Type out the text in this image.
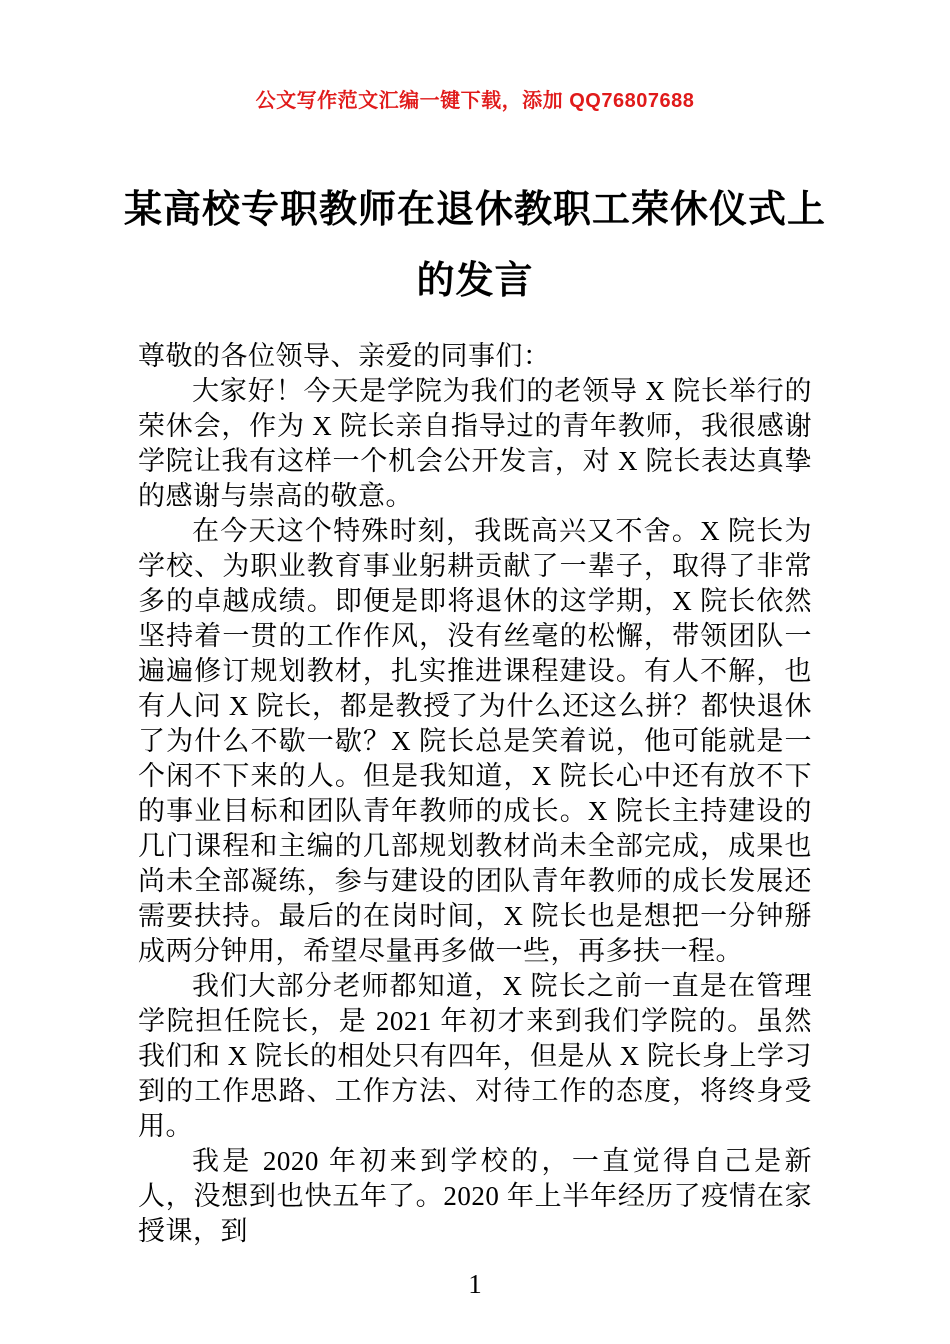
公文写作范文汇编一键下载，添加 QQ76807688
某高校专职教师在退休教职工荣休仪式上
的发言

尊敬的各位领导、亲爱的同事们：

大家好！今天是学院为我们的老领导 X 院长举行的荣休会，作为 X 院长亲自指导过的青年教师，我很感谢学院让我有这样一个机会公开发言，对 X 院长表达真挚的感谢与崇高的敬意。

在今天这个特殊时刻，我既高兴又不舍。X 院长为学校、为职业教育事业躬耕贡献了一辈子，取得了非常多的卓越成绩。即便是即将退休的这学期，X 院长依然坚持着一贯的工作作风，没有丝毫的松懈，带领团队一遍遍修订规划教材，扎实推进课程建设。有人不解，也有人问 X 院长，都是教授了为什么还这么拼？都快退休了为什么不歇一歇？X 院长总是笑着说，他可能就是一个闲不下来的人。但是我知道，X 院长心中还有放不下的事业目标和团队青年教师的成长。X 院长主持建设的几门课程和主编的几部规划教材尚未全部完成，成果也尚未全部凝练，参与建设的团队青年教师的成长发展还需要扶持。最后的在岗时间，X 院长也是想把一分钟掰成两分钟用，希望尽量再多做一些，再多扶一程。

我们大部分老师都知道，X 院长之前一直是在管理学院担任院长，是 2021 年初才来到我们学院的。虽然我们和 X 院长的相处只有四年，但是从 X 院长身上学习到的工作思路、工作方法、对待工作的态度，将终身受用。

我是 2020 年初来到学校的，一直觉得自己是新人，没想到也快五年了。2020 年上半年经历了疫情在家授课，到

1
